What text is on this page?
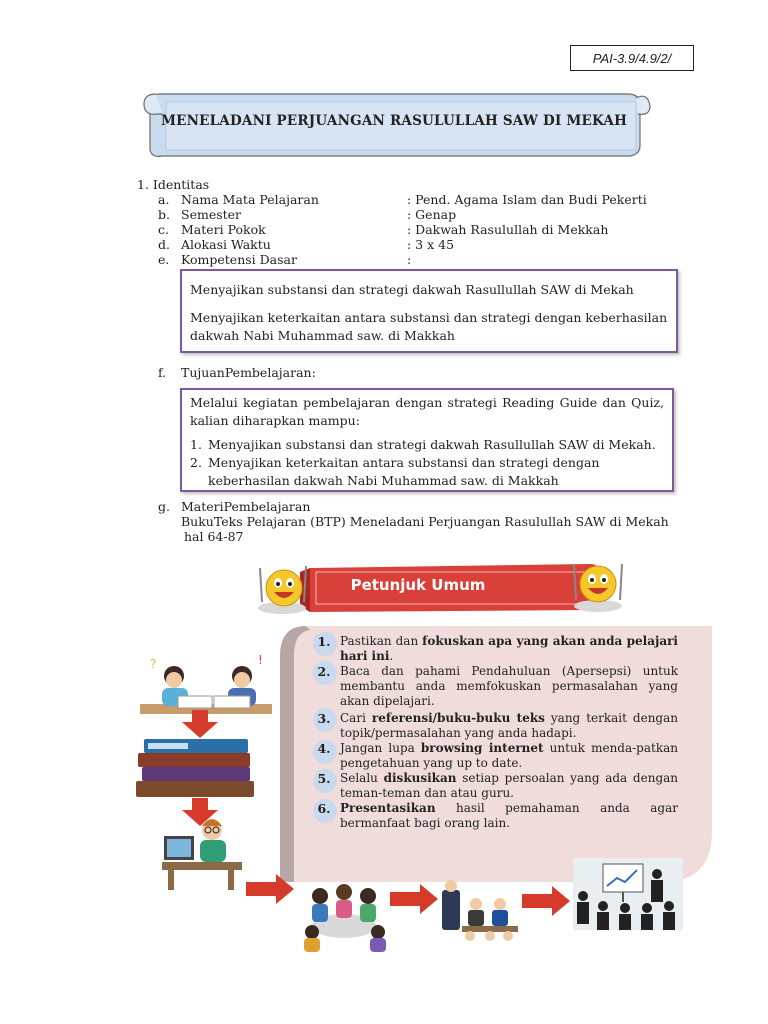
PAI-3.9/4.9/2/
MENELADANI PERJUANGAN RASULULLAH SAW DI MEKAH
1. Identitas
a. Nama Mata Pelajaran	: Pend. Agama Islam dan Budi Pekerti
b. Semester	: Genap
c. Materi Pokok	: Dakwah Rasulullah di Mekkah
d. Alokasi Waktu	: 3 x 45
e. Kompetensi Dasar	:

Menyajikan substansi dan strategi dakwah Rasullullah SAW di Mekah

Menyajikan keterkaitan antara substansi dan strategi dengan keberhasilan dakwah Nabi Muhammad saw. di Makkah

f. TujuanPembelajaran:

Melalui kegiatan pembelajaran dengan strategi Reading Guide dan Quiz, kalian diharapkan mampu:

1. Menyajikan substansi dan strategi dakwah Rasullullah SAW di Mekah.
2. Menyajikan keterkaitan antara substansi dan strategi dengan keberhasilan dakwah Nabi Muhammad saw. di Makkah
g. MateriPembelajaran
BukuTeks Pelajaran (BTP) Meneladani Perjuangan Rasulullah SAW di Mekah
hal 64-87
Petunjuk Umum
1. Pastikan dan fokuskan apa yang akan anda pelajari hari ini.
2. Baca dan pahami Pendahuluan (Apersepsi) untuk membantu anda memfokuskan permasalahan yang akan dipelajari.
3. Cari referensi/buku-buku teks yang terkait dengan topik/permasalahan yang anda hadapi.
4. Jangan lupa browsing internet untuk menda-patkan pengetahuan yang up to date.
5. Selalu diskusikan setiap persoalan yang ada dengan teman-teman dan atau guru.
6. Presentasikan hasil pemahaman anda agar bermanfaat bagi orang lain.
?	!
